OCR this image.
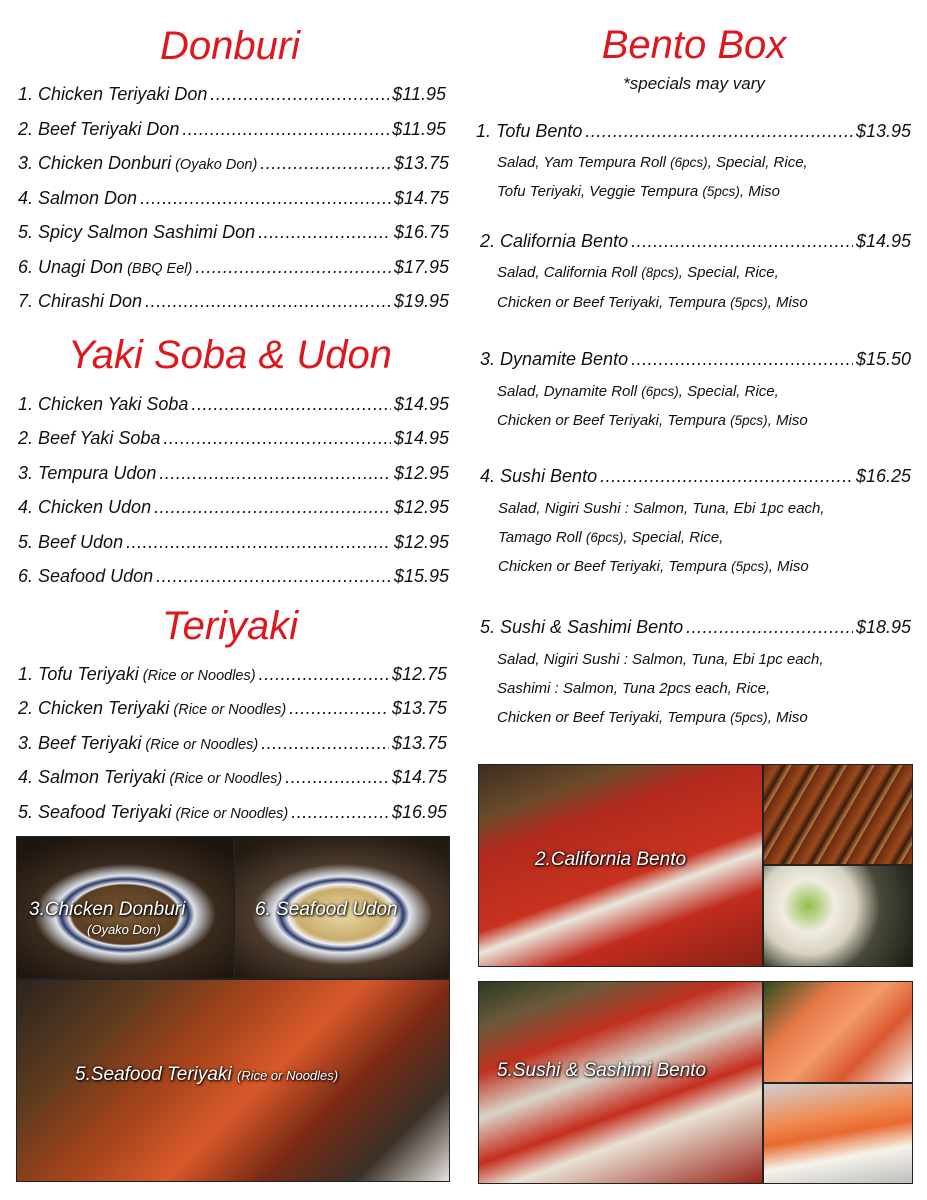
Donburi
1. Chicken Teriyaki Don .....	$11.95
2. Beef Teriyaki Don .....	$11.95
3. Chicken Donburi (Oyako Don) .....	$13.75
4. Salmon Don .....	$14.75
5. Spicy Salmon Sashimi Don .....	$16.75
6. Unagi Don (BBQ Eel) .....	$17.95
7. Chirashi Don .....	$19.95
Yaki Soba & Udon
1. Chicken Yaki Soba .....	$14.95
2. Beef Yaki Soba .....	$14.95
3. Tempura Udon .....	$12.95
4. Chicken Udon .....	$12.95
5. Beef Udon .....	$12.95
6. Seafood Udon .....	$15.95
Teriyaki
1. Tofu Teriyaki (Rice or Noodles) .....	$12.75
2. Chicken Teriyaki (Rice or Noodles) .....	$13.75
3. Beef Teriyaki (Rice or Noodles) .....	$13.75
4. Salmon Teriyaki (Rice or Noodles) .....	$14.75
5. Seafood Teriyaki (Rice or Noodles) .....	$16.95
3.Chicken Donburi
(Oyako Don)
6. Seafood Udon
5.Seafood Teriyaki (Rice or Noodles)
Bento Box
*specials may vary
1. Tofu Bento .....	$13.95
Salad, Yam Tempura Roll (6pcs), Special, Rice,
Tofu Teriyaki, Veggie Tempura (5pcs), Miso
2. California Bento .....	$14.95
Salad, California Roll (8pcs), Special, Rice,
Chicken or Beef Teriyaki, Tempura (5pcs), Miso
3. Dynamite Bento .....	$15.50
Salad, Dynamite Roll (6pcs), Special, Rice,
Chicken or Beef Teriyaki, Tempura (5pcs), Miso
4. Sushi Bento .....	$16.25
Salad, Nigiri Sushi : Salmon, Tuna, Ebi 1pc each,
Tamago Roll (6pcs), Special, Rice,
Chicken or Beef Teriyaki, Tempura (5pcs), Miso
5. Sushi & Sashimi Bento .....	$18.95
Salad, Nigiri Sushi : Salmon, Tuna, Ebi 1pc each,
Sashimi : Salmon, Tuna 2pcs each, Rice,
Chicken or Beef Teriyaki, Tempura (5pcs), Miso
2.California Bento
5.Sushi & Sashimi Bento
